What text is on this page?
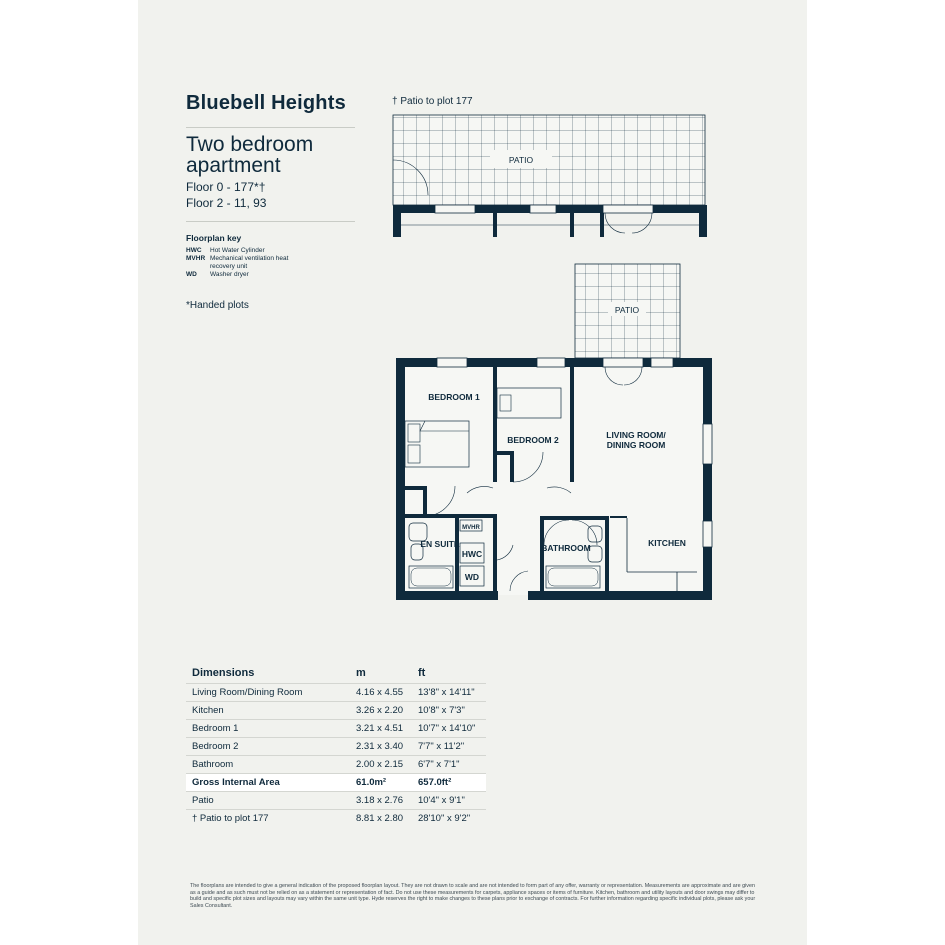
Bluebell Heights
Two bedroom apartment
Floor 0 - 177*†
Floor 2 - 11, 93
Floorplan key
HWC Hot Water Cylinder
MVHR Mechanical ventilation heat recovery unit
WD Washer dryer
*Handed plots
† Patio to plot 177
PATIO
PATIO
MVHR
HWC
WD
BEDROOM 1
BEDROOM 2	LIVING ROOM/
DINING ROOM
KITCHEN
EN SUITE	BATHROOM
Dimensions	m	ft
Living Room/Dining Room	4.16 x 4.55	13'8" x 14'11"
Kitchen	3.26 x 2.20	10'8" x 7'3"
Bedroom 1	3.21 x 4.51	10'7" x 14'10"
Bedroom 2	2.31 x 3.40	7'7" x 11'2"
Bathroom	2.00 x 2.15	6'7" x 7'1"
Gross Internal Area	61.0m²	657.0ft²
Patio	3.18 x 2.76	10'4" x 9'1"
† Patio to plot 177	8.81 x 2.80	28'10" x 9'2"
The floorplans are intended to give a general indication of the proposed floorplan layout. They are not drawn to scale and are not intended to form part of any offer, warranty or representation. Measurements are approximate and are given as a guide and as such must not be relied on as a statement or representation of fact. Do not use these measurements for carpets, appliance spaces or items of furniture. Kitchen, bathroom and utility layouts and door swings may differ to build and specific plot sizes and layouts may vary within the same unit type. Hyde reserves the right to make changes to these plans prior to exchange of contracts. For further information regarding specific individual plots, please ask your Sales Consultant.
